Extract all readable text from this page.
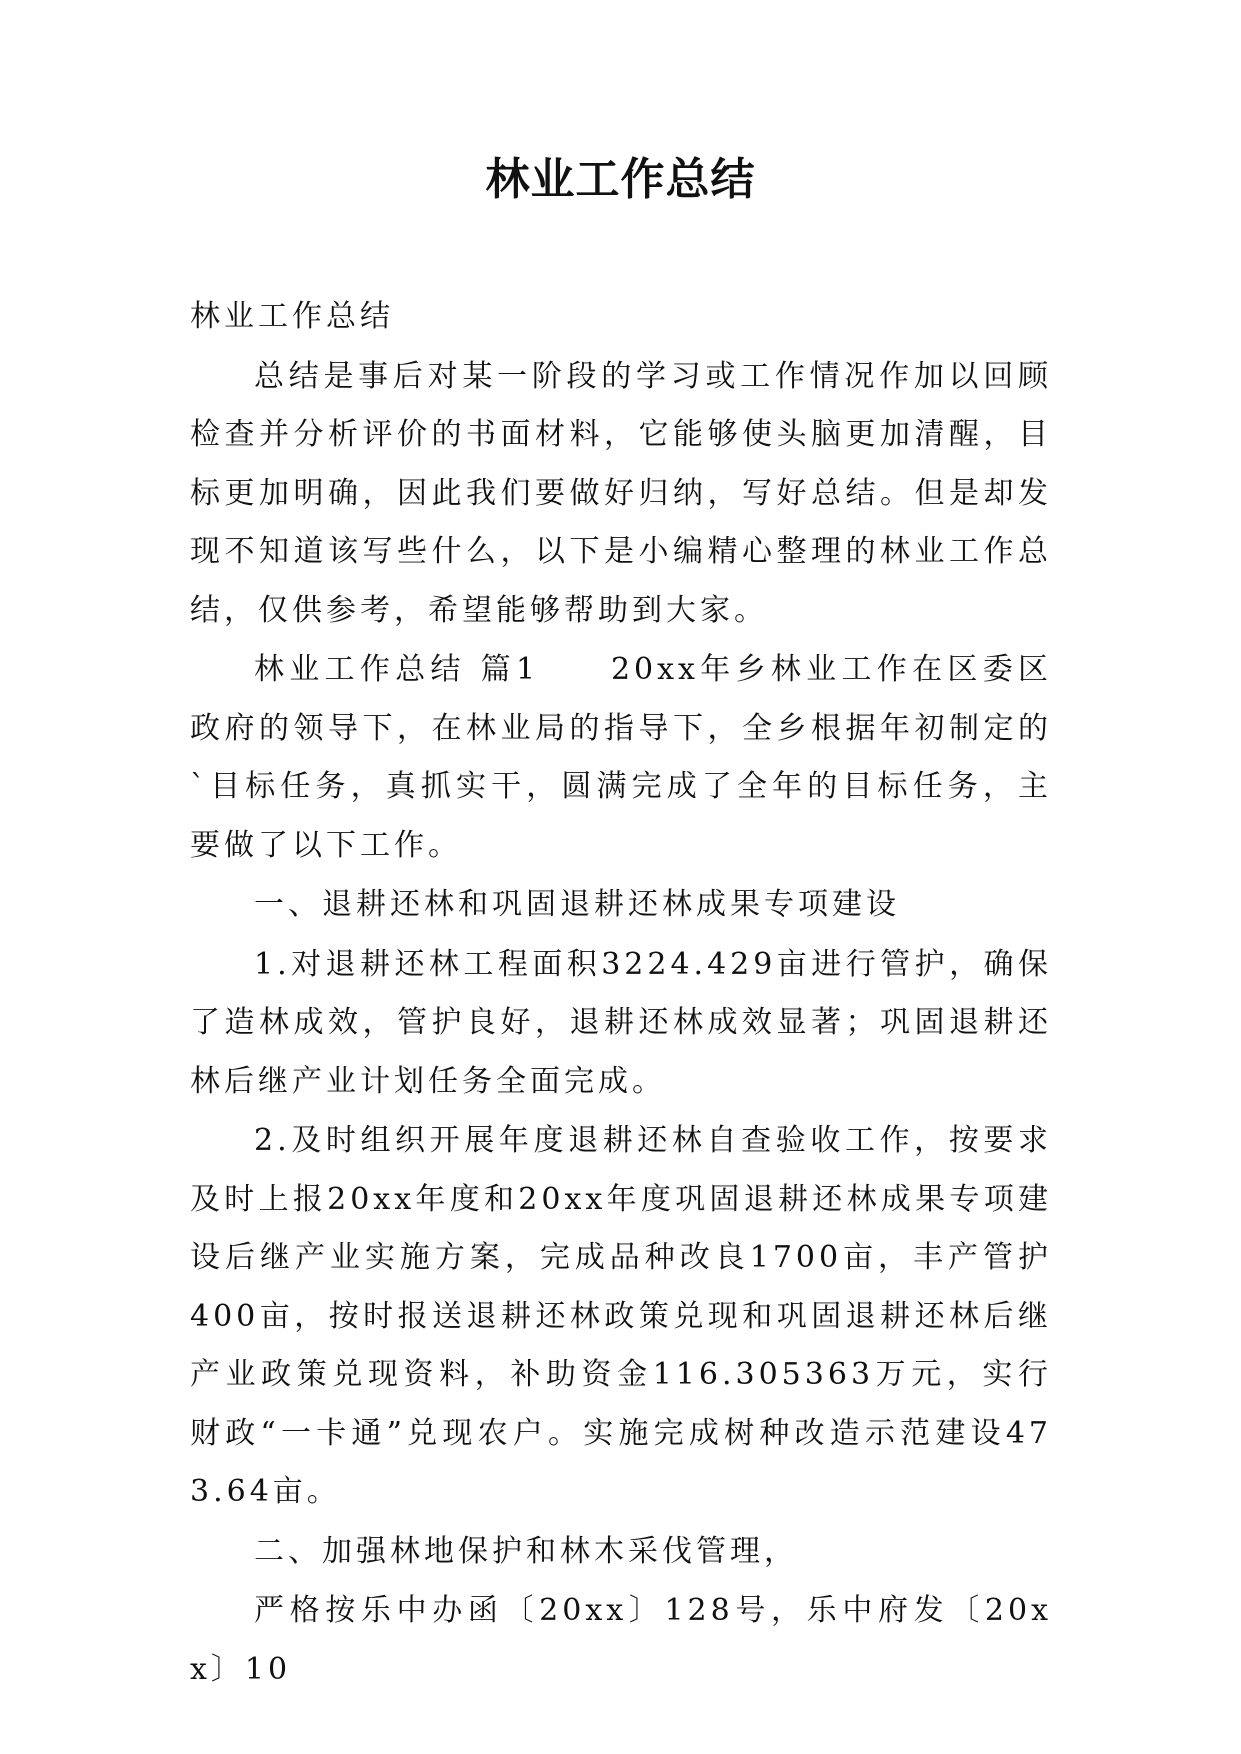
林业工作总结

林业工作总结

总结是事后对某一阶段的学习或工作情况作加以回顾检查并分析评价的书面材料，它能够使头脑更加清醒，目标更加明确，因此我们要做好归纳，写好总结。但是却发现不知道该写些什么，以下是小编精心整理的林业工作总结，仅供参考，希望能够帮助到大家。

林业工作总结 篇1　　20xx年乡林业工作在区委区政府的领导下，在林业局的指导下，全乡根据年初制定的`目标任务，真抓实干，圆满完成了全年的目标任务，主要做了以下工作。

一、退耕还林和巩固退耕还林成果专项建设

1.对退耕还林工程面积3224.429亩进行管护，确保了造林成效，管护良好，退耕还林成效显著；巩固退耕还林后继产业计划任务全面完成。

2.及时组织开展年度退耕还林自查验收工作，按要求及时上报20xx年度和20xx年度巩固退耕还林成果专项建设后继产业实施方案，完成品种改良1700亩，丰产管护400亩，按时报送退耕还林政策兑现和巩固退耕还林后继产业政策兑现资料，补助资金116.305363万元，实行财政“一卡通”兑现农户。实施完成树种改造示范建设473.64亩。

二、加强林地保护和林木采伐管理，

严格按乐中办函〔20xx〕128号，乐中府发〔20xx〕10
